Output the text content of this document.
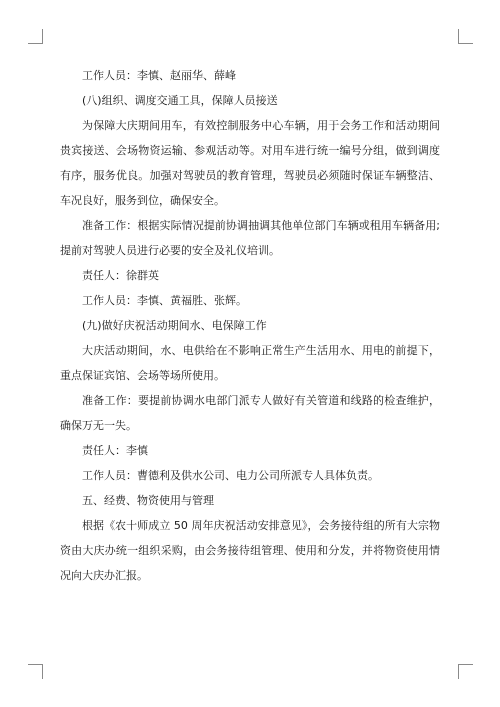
工作人员：李慎、赵丽华、薛峰

(八)组织、调度交通工具，保障人员接送

为保障大庆期间用车，有效控制服务中心车辆，用于会务工作和活动期间贵宾接送、会场物资运输、参观活动等。对用车进行统一编号分组，做到调度有序，服务优良。加强对驾驶员的教育管理，驾驶员必须随时保证车辆整洁、车况良好，服务到位，确保安全。

准备工作：根据实际情况提前协调抽调其他单位部门车辆或租用车辆备用;提前对驾驶人员进行必要的安全及礼仪培训。

责任人：徐群英

工作人员：李慎、黄福胜、张辉。

(九)做好庆祝活动期间水、电保障工作

大庆活动期间，水、电供给在不影响正常生产生活用水、用电的前提下，重点保证宾馆、会场等场所使用。

准备工作：要提前协调水电部门派专人做好有关管道和线路的检查维护，确保万无一失。

责任人：李慎

工作人员：曹德利及供水公司、电力公司所派专人具体负责。

五、经费、物资使用与管理

根据《农十师成立 50 周年庆祝活动安排意见》，会务接待组的所有大宗物资由大庆办统一组织采购，由会务接待组管理、使用和分发，并将物资使用情况向大庆办汇报。
